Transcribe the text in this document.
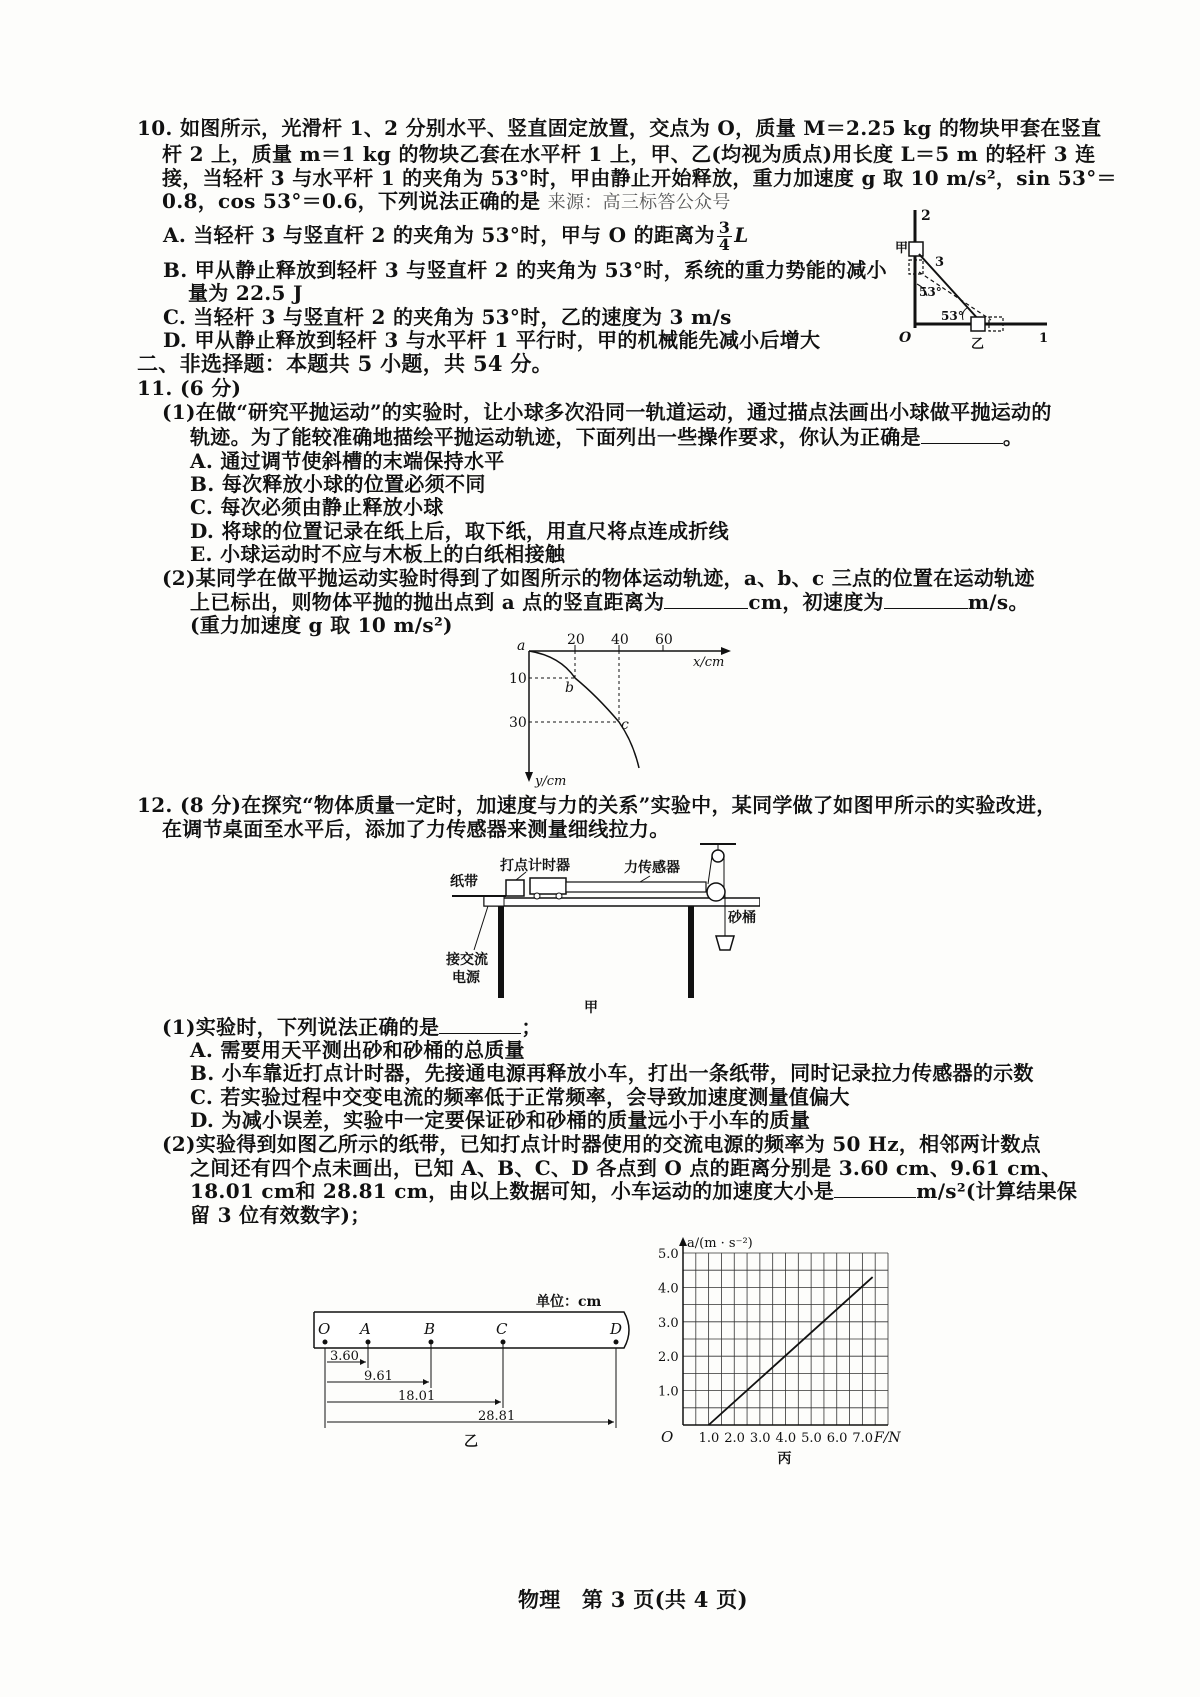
10. 如图所示，光滑杆 1、2 分别水平、竖直固定放置，交点为 O，质量 M＝2.25 kg 的物块甲套在竖直
杆 2 上，质量 m＝1 kg 的物块乙套在水平杆 1 上，甲、乙(均视为质点)用长度 L＝5 m 的轻杆 3 连
接，当轻杆 3 与水平杆 1 的夹角为 53°时，甲由静止开始释放，重力加速度 g 取 10 m/s²，sin 53°＝
0.8，cos 53°＝0.6，下列说法正确的是 来源：高三标答公众号
A. 当轻杆 3 与竖直杆 2 的夹角为 53°时，甲与 O 的距离为 $\frac{3}{4}$ L
B. 甲从静止释放到轻杆 3 与竖直杆 2 的夹角为 53°时，系统的重力势能的减小
量为 22.5 J
C. 当轻杆 3 与竖直杆 2 的夹角为 53°时，乙的速度为 3 m/s
D. 甲从静止释放到轻杆 3 与水平杆 1 平行时，甲的机械能先减小后增大
2
甲
3
53°
53°
O	乙	1
二、非选择题：本题共 5 小题，共 54 分。
11. (6 分)
(1)在做“研究平抛运动”的实验时，让小球多次沿同一轨道运动，通过描点法画出小球做平抛运动的
轨迹。为了能较准确地描绘平抛运动轨迹，下面列出一些操作要求，你认为正确是	。
A. 通过调节使斜槽的末端保持水平
B. 每次释放小球的位置必须不同
C. 每次必须由静止释放小球
D. 将球的位置记录在纸上后，取下纸，用直尺将点连成折线
E. 小球运动时不应与木板上的白纸相接触
(2)某同学在做平抛运动实验时得到了如图所示的物体运动轨迹，a、b、c 三点的位置在运动轨迹
上已标出，则物体平抛的抛出点到 a 点的竖直距离为	cm，初速度为	m/s。
(重力加速度 g 取 10 m/s²)
20 40 60
x/cm
10
30
y/cm
a
b
c
12. (8 分)在探究“物体质量一定时，加速度与力的关系”实验中，某同学做了如图甲所示的实验改进，
在调节桌面至水平后，添加了力传感器来测量细线拉力。
打点计时器	力传感器
纸带
砂桶
接交流
电源
甲
(1)实验时，下列说法正确的是	；
A. 需要用天平测出砂和砂桶的总质量
B. 小车靠近打点计时器，先接通电源再释放小车，打出一条纸带，同时记录拉力传感器的示数
C. 若实验过程中交变电流的频率低于正常频率，会导致加速度测量值偏大
D. 为减小误差，实验中一定要保证砂和砂桶的质量远小于小车的质量
(2)实验得到如图乙所示的纸带，已知打点计时器使用的交流电源的频率为 50 Hz，相邻两计数点
之间还有四个点未画出，已知 A、B、C、D 各点到 O 点的距离分别是 3.60 cm、9.61 cm、
18.01 cm和 28.81 cm，由以上数据可知，小车运动的加速度大小是	m/s²(计算结果保
留 3 位有效数字)；
单位：cm
O A	B	C	D
3.60
9.61
18.01
28.81
乙	1.0 2.0 3.0 4.0 5.0 6.0 7.0
1.0
2.0
3.0
4.0
5.0
a/(m · s⁻²)
F/N
O
丙
物理　第 3 页(共 4 页)
